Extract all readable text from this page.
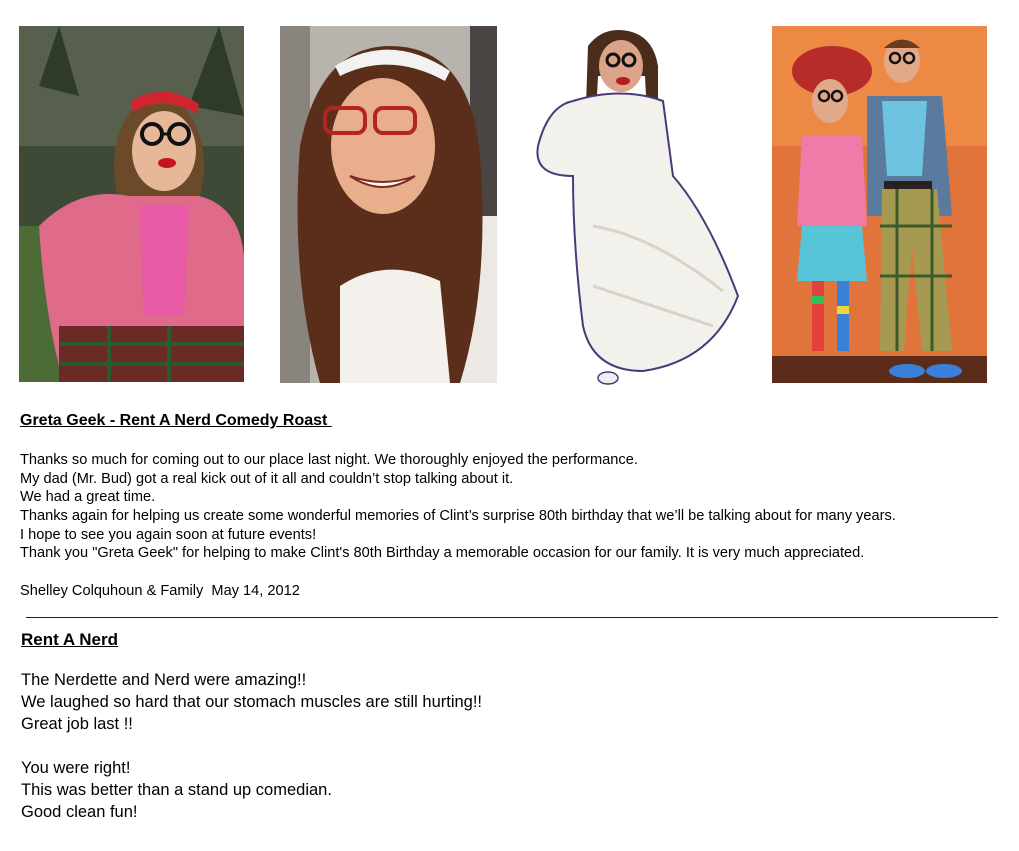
Greta Geek - Rent A Nerd Comedy Roast
Thanks so much for coming out to our place last night. We thoroughly enjoyed the performance.
My dad (Mr. Bud) got a real kick out of it all and couldn’t stop talking about it.
We had a great time.
Thanks again for helping us create some wonderful memories of Clint’s surprise 80th birthday that we’ll be talking about for many years.
I hope to see you again soon at future events!
Thank you "Greta Geek" for helping to make Clint's 80th Birthday a memorable occasion for our family. It is very much appreciated.
Shelley Colquhoun & Family  May 14, 2012
Rent A Nerd
The Nerdette and Nerd were amazing!!
We laughed so hard that our stomach muscles are still hurting!!
Great job last !!
You were right!
This was better than a stand up comedian.
Good clean fun!
